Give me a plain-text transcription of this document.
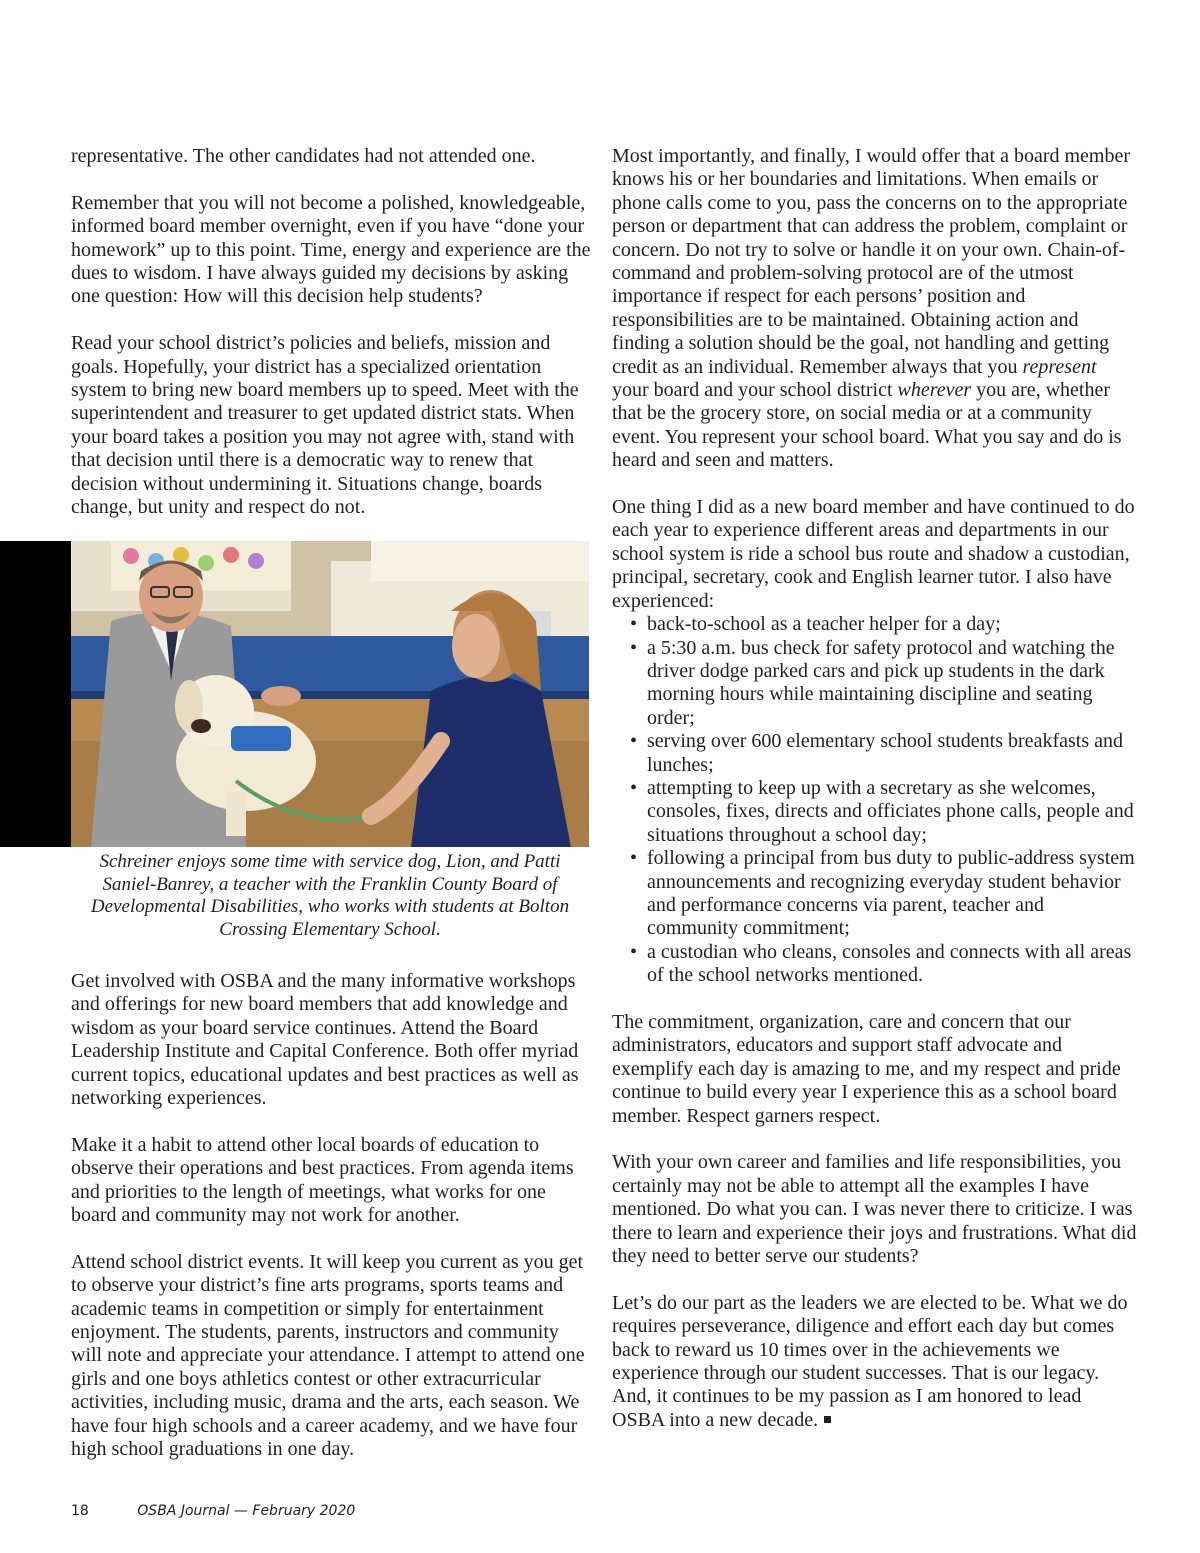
representative. The other candidates had not attended one.

Remember that you will not become a polished, knowledgeable, informed board member overnight, even if you have “done your homework” up to this point. Time, energy and experience are the dues to wisdom. I have always guided my decisions by asking one question: How will this decision help students?

Read your school district’s policies and beliefs, mission and goals. Hopefully, your district has a specialized orientation system to bring new board members up to speed. Meet with the superintendent and treasurer to get updated district stats. When your board takes a position you may not agree with, stand with that decision until there is a democratic way to renew that decision without undermining it. Situations change, boards change, but unity and respect do not.

Schreiner enjoys some time with service dog, Lion, and Patti Saniel-Banrey, a teacher with the Franklin County Board of Developmental Disabilities, who works with students at Bolton Crossing Elementary School.

Get involved with OSBA and the many informative workshops and offerings for new board members that add knowledge and wisdom as your board service continues. Attend the Board Leadership Institute and Capital Conference. Both offer myriad current topics, educational updates and best practices as well as networking experiences.

Make it a habit to attend other local boards of education to observe their operations and best practices. From agenda items and priorities to the length of meetings, what works for one board and community may not work for another.

Attend school district events. It will keep you current as you get to observe your district’s fine arts programs, sports teams and academic teams in competition or simply for entertainment enjoyment. The students, parents, instructors and community will note and appreciate your attendance. I attempt to attend one girls and one boys athletics contest or other extracurricular activities, including music, drama and the arts, each season. We have four high schools and a career academy, and we have four high school graduations in one day.

Most importantly, and finally, I would offer that a board member knows his or her boundaries and limitations. When emails or phone calls come to you, pass the concerns on to the appropriate person or department that can address the problem, complaint or concern. Do not try to solve or handle it on your own. Chain-of-command and problem-solving protocol are of the utmost importance if respect for each persons’ position and responsibilities are to be maintained. Obtaining action and finding a solution should be the goal, not handling and getting credit as an individual. Remember always that you represent your board and your school district wherever you are, whether that be the grocery store, on social media or at a community event. You represent your school board. What you say and do is heard and seen and matters.

One thing I did as a new board member and have continued to do each year to experience different areas and departments in our school system is ride a school bus route and shadow a custodian, principal, secretary, cook and English learner tutor. I also have experienced:

• back-to-school as a teacher helper for a day;
• a 5:30 a.m. bus check for safety protocol and watching the driver dodge parked cars and pick up students in the dark morning hours while maintaining discipline and seating order;
• serving over 600 elementary school students breakfasts and lunches;
• attempting to keep up with a secretary as she welcomes, consoles, fixes, directs and officiates phone calls, people and situations throughout a school day;
• following a principal from bus duty to public-address system announcements and recognizing everyday student behavior and performance concerns via parent, teacher and community commitment;
• a custodian who cleans, consoles and connects with all areas of the school networks mentioned.

The commitment, organization, care and concern that our administrators, educators and support staff advocate and exemplify each day is amazing to me, and my respect and pride continue to build every year I experience this as a school board member. Respect garners respect.

With your own career and families and life responsibilities, you certainly may not be able to attempt all the examples I have mentioned. Do what you can. I was never there to criticize. I was there to learn and experience their joys and frustrations. What did they need to better serve our students?

Let’s do our part as the leaders we are elected to be. What we do requires perseverance, diligence and effort each day but comes back to reward us 10 times over in the achievements we experience through our student successes. That is our legacy. And, it continues to be my passion as I am honored to lead OSBA into a new decade.

18	OSBA Journal — February 2020
